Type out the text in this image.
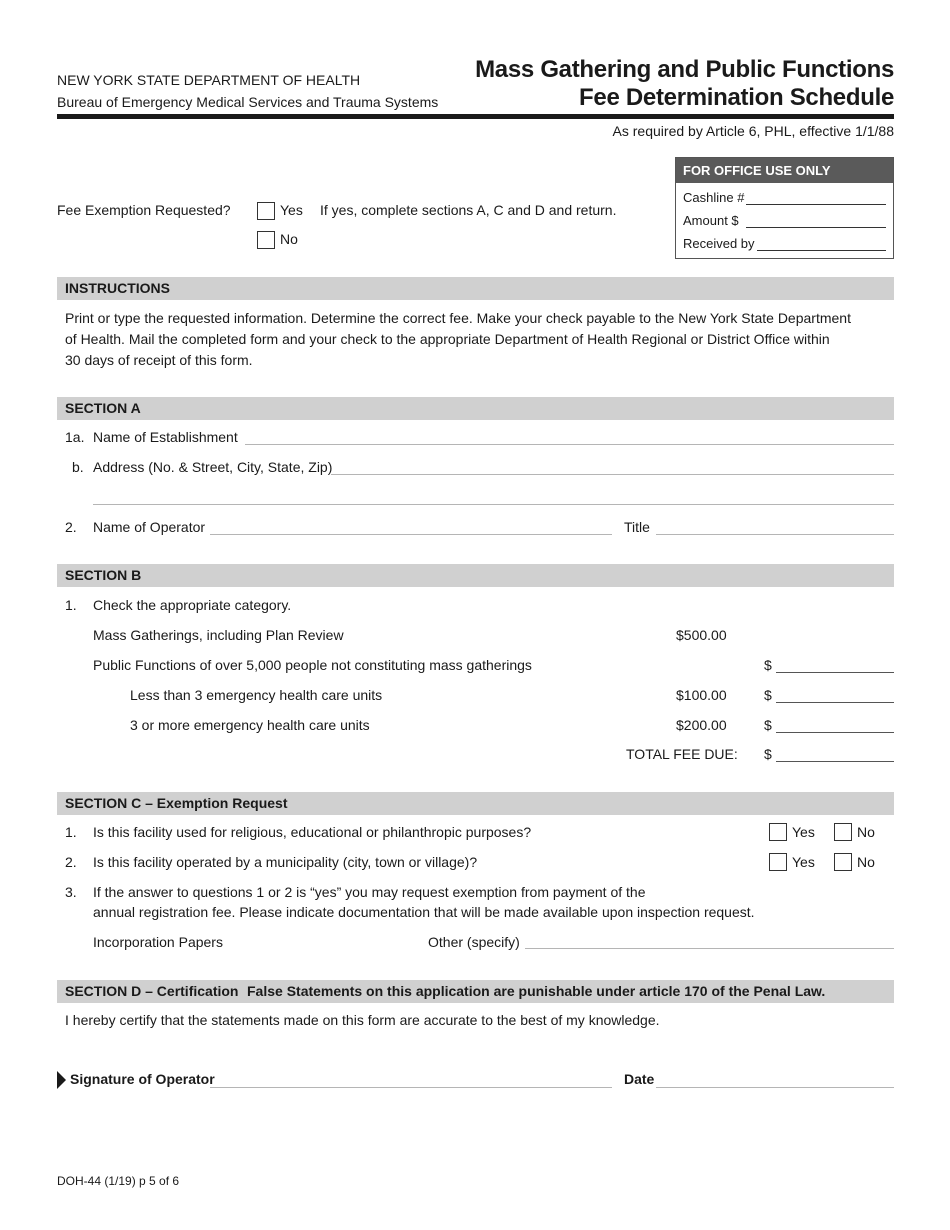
NEW YORK STATE DEPARTMENT OF HEALTH
Bureau of Emergency Medical Services and Trauma Systems
Mass Gathering and Public Functions
Fee Determination Schedule
As required by Article 6, PHL, effective 1/1/88
Fee Exemption Requested?	Yes If yes, complete sections A, C and D and return.
No
FOR OFFICE USE ONLY
Cashline #
Amount $
Received by
INSTRUCTIONS
Print or type the requested information. Determine the correct fee. Make your check payable to the New York State Department
of Health. Mail the completed form and your check to the appropriate Department of Health Regional or District Office within
30 days of receipt of this form.
SECTION A
1a. Name of Establishment
b. Address (No. & Street, City, State, Zip)
2. Name of Operator	Title
SECTION B
1. Check the appropriate category.
Mass Gatherings, including Plan Review	$500.00
Public Functions of over 5,000 people not constituting mass gatherings	$
Less than 3 emergency health care units	$100.00	$
3 or more emergency health care units	$200.00	$
TOTAL FEE DUE: $
SECTION C – Exemption Request
1. Is this facility used for religious, educational or philanthropic purposes?	Yes	No
2. Is this facility operated by a municipality (city, town or village)?	Yes	No
3. If the answer to questions 1 or 2 is “yes” you may request exemption from payment of the
annual registration fee. Please indicate documentation that will be made available upon inspection request.
Incorporation Papers	Other (specify)
SECTION D – Certification False Statements on this application are punishable under article 170 of the Penal Law.
I hereby certify that the statements made on this form are accurate to the best of my knowledge.
Signature of Operator	Date
DOH-44 (1/19) p 5 of 6
